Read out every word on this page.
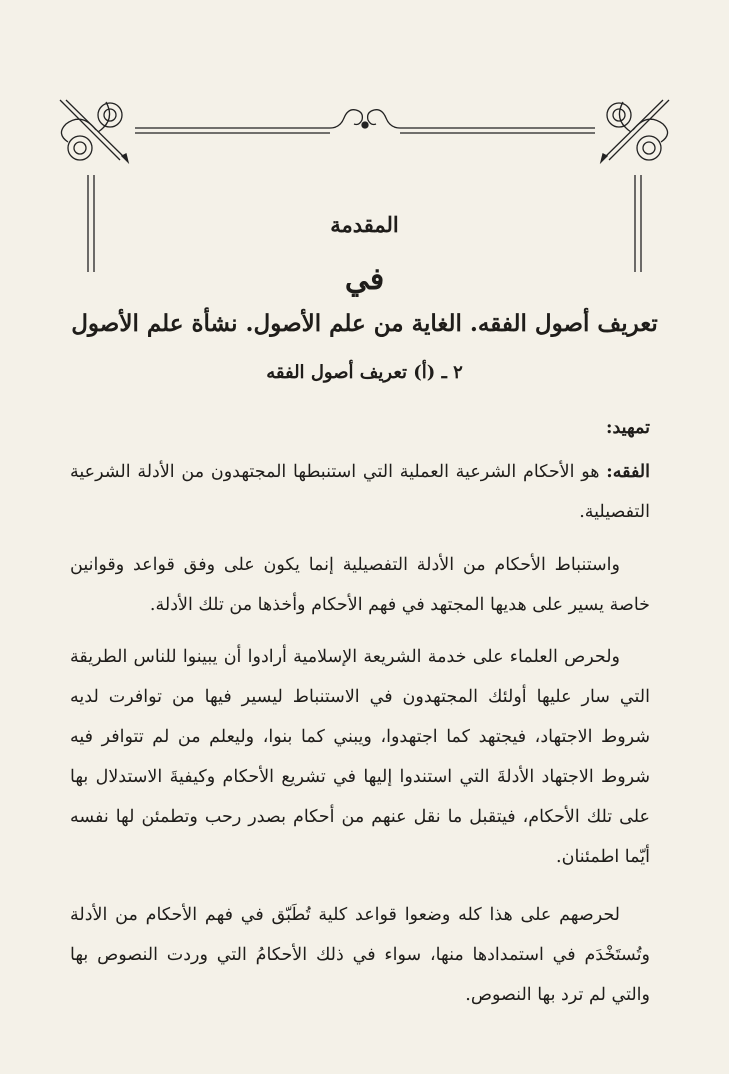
المقدمة
في
تعريف أصول الفقه. الغاية من علم الأصول. نشأة علم الأصول
٢ ـ (أ) تعريف أصول الفقه
تمهيد:
الفقه: هو الأحكام الشرعية العملية التي استنبطها المجتهدون من الأدلة الشرعية التفصيلية.
واستنباط الأحكام من الأدلة التفصيلية إنما يكون على وفق قواعد وقوانين خاصة يسير على هديها المجتهد في فهم الأحكام وأخذها من تلك الأدلة.
ولحرص العلماء على خدمة الشريعة الإسلامية أرادوا أن يبينوا للناس الطريقة التي سار عليها أولئك المجتهدون في الاستنباط ليسير فيها من توافرت لديه شروط الاجتهاد، فيجتهد كما اجتهدوا، ويبني كما بنوا، وليعلم من لم تتوافر فيه شروط الاجتهاد الأدلةَ التي استندوا إليها في تشريع الأحكام وكيفيةَ الاستدلال بها على تلك الأحكام، فيتقبل ما نقل عنهم من أحكام بصدر رحب وتطمئن لها نفسه أيّما اطمئنان.
لحرصهم على هذا كله وضعوا قواعد كلية تُطَبّق في فهم الأحكام من الأدلة وتُستَخْدَم في استمدادها منها، سواء في ذلك الأحكامُ التي وردت النصوص بها والتي لم ترد بها النصوص.
